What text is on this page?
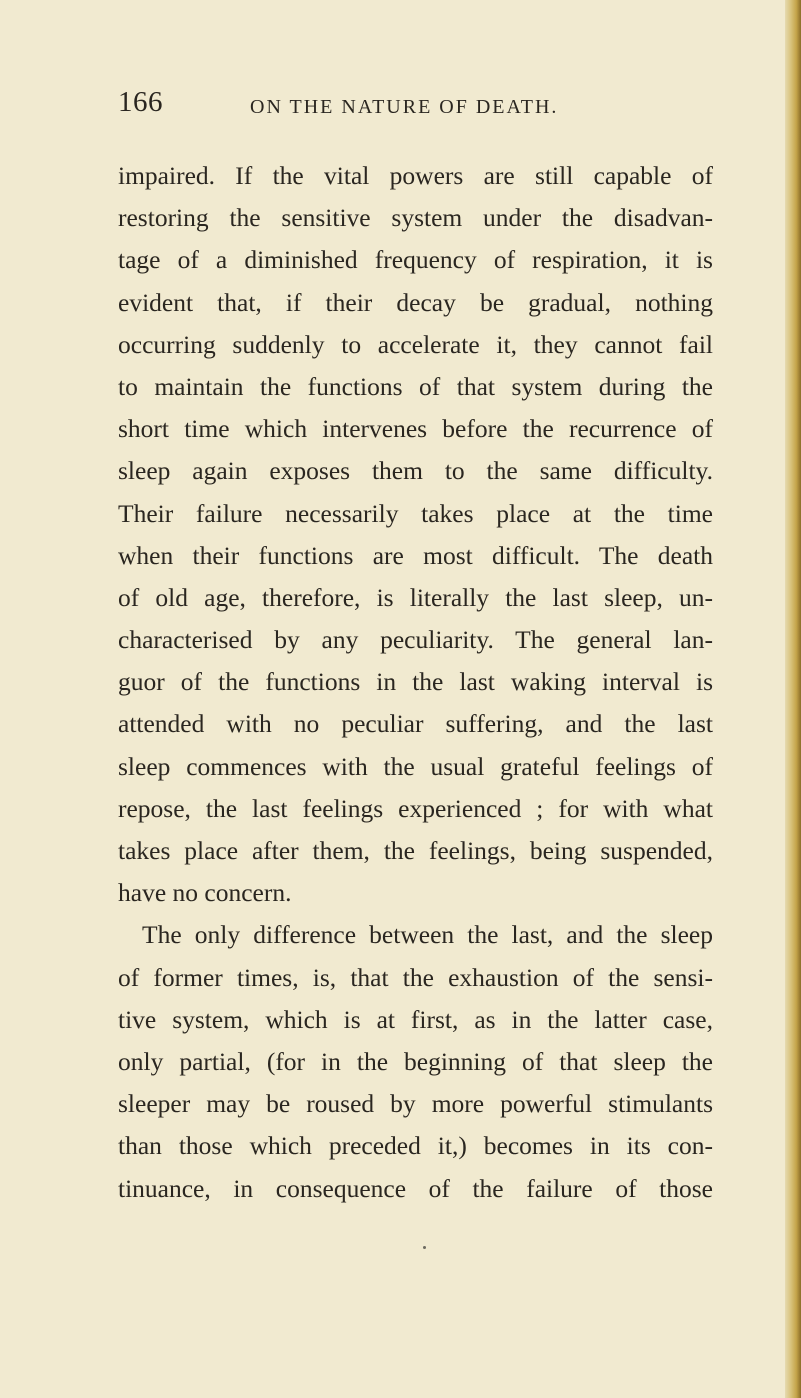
166	ON THE NATURE OF DEATH.
impaired. If the vital powers are still capable of
restoring the sensitive system under the disadvan-
tage of a diminished frequency of respiration, it is
evident that, if their decay be gradual, nothing
occurring suddenly to accelerate it, they cannot fail
to maintain the functions of that system during the
short time which intervenes before the recurrence of
sleep again exposes them to the same difficulty.
Their failure necessarily takes place at the time
when their functions are most difficult. The death
of old age, therefore, is literally the last sleep, un-
characterised by any peculiarity. The general lan-
guor of the functions in the last waking interval is
attended with no peculiar suffering, and the last
sleep commences with the usual grateful feelings of
repose, the last feelings experienced ; for with what
takes place after them, the feelings, being suspended,
have no concern.
The only difference between the last, and the sleep
of former times, is, that the exhaustion of the sensi-
tive system, which is at first, as in the latter case,
only partial, (for in the beginning of that sleep the
sleeper may be roused by more powerful stimulants
than those which preceded it,) becomes in its con-
tinuance, in consequence of the failure of those
